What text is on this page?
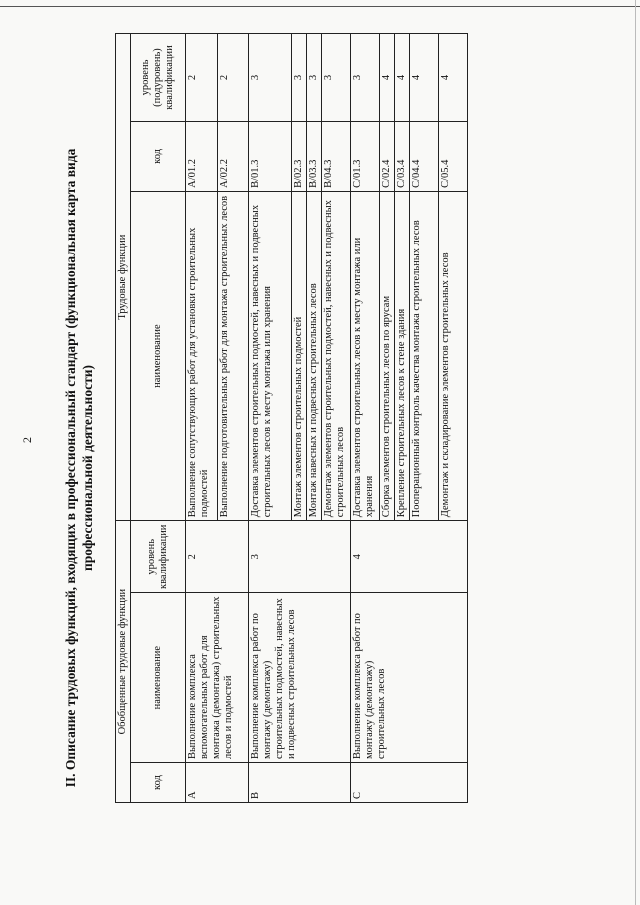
2 II. Описание трудовых функций, входящих в профессиональный стандарт (функциональная карта вида профессиональной деятельности)
Обобщенные трудовые функции			Трудовые функции		
код	наименование	уровень квалификации	наименование	код	уровень (подуровень) квалификации
A	Выполнение комплекса вспомогательных работ для монтажа (демонтажа) строительных лесов и подмостей	2	Выполнение сопутствующих работ для установки строительных подмостей	A/01.2	2
			Выполнение подготовительных работ для монтажа строительных лесов	A/02.2	2
B	Выполнение комплекса работ по монтажу (демонтажу) строительных подмостей, навесных и подвесных строительных лесов	3	Доставка элементов строительных подмостей, навесных и подвесных строительных лесов к месту монтажа или хранения	B/01.3	3
			Монтаж элементов строительных подмостей	B/02.3	3
			Монтаж навесных и подвесных строительных лесов	B/03.3	3
			Демонтаж элементов строительных подмостей, навесных и подвесных строительных лесов	B/04.3	3
C	Выполнение комплекса работ по монтажу (демонтажу) строительных лесов	4	Доставка элементов строительных лесов к месту монтажа или хранения	C/01.3	3
			Сборка элементов строительных лесов по ярусам	C/02.4	4
			Крепление строительных лесов к стене здания	C/03.4	4
			Пооперационный контроль качества монтажа строительных лесов	C/04.4	4
			Демонтаж и складирование элементов строительных лесов	C/05.4	4
